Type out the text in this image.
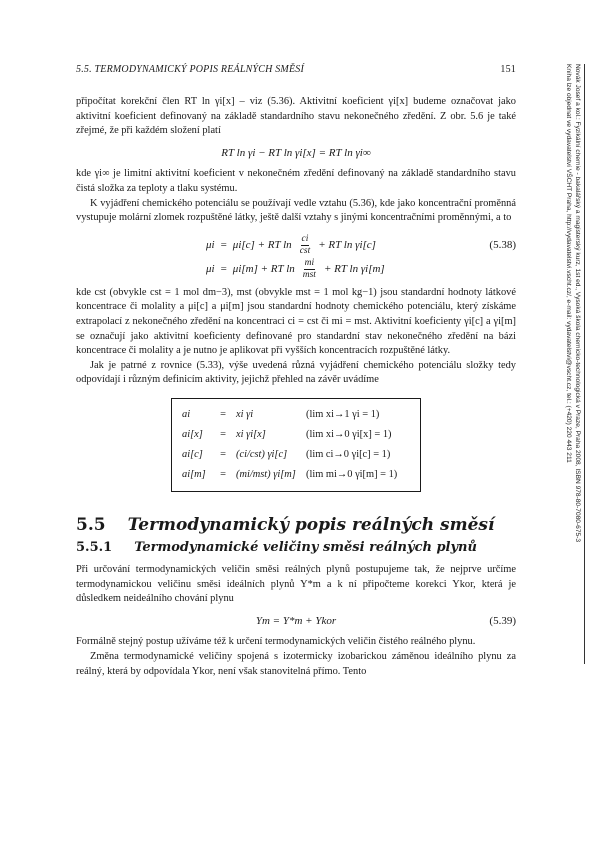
5.5. TERMODYNAMICKÝ POPIS REÁLNÝCH SMĚSÍ	151

připočítat korekční člen RT ln γi[x] – viz (5.36). Aktivitní koeficient γi[x] budeme označovat jako aktivitní koeficient definovaný na základě standardního stavu nekonečného zředění. Z obr. 5.6 je také zřejmé, že při každém složení platí

RT ln γi − RT ln γi[x] = RT ln γi∞

kde γi∞ je limitní aktivitní koeficient v nekonečném zředění definovaný na základě standardního stavu čistá složka za teploty a tlaku systému.

K vyjádření chemického potenciálu se používají vedle vztahu (5.36), kde jako koncentrační proměnná vystupuje molární zlomek rozpuštěné látky, ještě další vztahy s jinými koncentračními proměnnými, a to

μi = μi[c] + RT $\ln \frac{ci}{\text{cst}}$ + RT ln γi[c]
μi = μi[m] + RT $\ln \frac{mi}{\text{mst}}$ + RT ln γi[m]
(5.38)

kde cst (obvykle cst = 1 mol dm−3), mst (obvykle mst = 1 mol kg−1) jsou standardní hodnoty látkové koncentrace či molality a μi[c] a μi[m] jsou standardní hodnoty chemického potenciálu, který získáme extrapolací z nekonečného zředění na koncentraci ci = cst či mi = mst. Aktivitní koeficienty γi[c] a γi[m] se označují jako aktivitní koeficienty definované pro standardní stav nekonečného zředění na bázi koncentrace či molality a je nutno je aplikovat při vyšších koncentracích rozpuštěné látky.

Jak je patrné z rovnice (5.33), výše uvedená různá vyjádření chemického potenciálu složky tedy odpovídají i různým definicím aktivity, jejichž přehled na závěr uvádíme

ai	= xi γi	(lim xi→1 γi = 1)
ai[x]	= xi γi[x]	(lim xi→0 γi[x] = 1)
ai[c]	= (ci/cst) γi[c]	(lim ci→0 γi[c] = 1)
ai[m]	= (mi/mst) γi[m] (lim mi→0 γi[m] = 1)
5.5 Termodynamický popis reálných směsí
5.5.1 Termodynamické veličiny směsi reálných plynů

Při určování termodynamických veličin směsi reálných plynů postupujeme tak, že nejprve určíme termodynamickou veličinu směsi ideálních plynů Y*m a k ní připočteme korekci Ykor, která je důsledkem neideálního chování plynu

Ym = Y*m + Ykor	(5.39)

Formálně stejný postup užíváme též k určení termodynamických veličin čistého reálného plynu.

Změna termodynamické veličiny spojená s izotermicky izobarickou záměnou ideálního plynu za reálný, která by odpovídala Ykor, není však stanovitelná přímo. Tento

Novák Josef a kol.: Fyzikální chemie - bakalářský a magisterský kurz, 1st ed., Vysoká škola chemicko-technologická v Praze, Praha 2008, ISBN 978-80-7080-675-3
Kniha lze objednat ve vydavatelství VŠCHT Praha, http://vydavatelstvi.vscht.cz/, e-mail: vydavatelstvi@vscht.cz, tel.: (+420) 220 443 211
